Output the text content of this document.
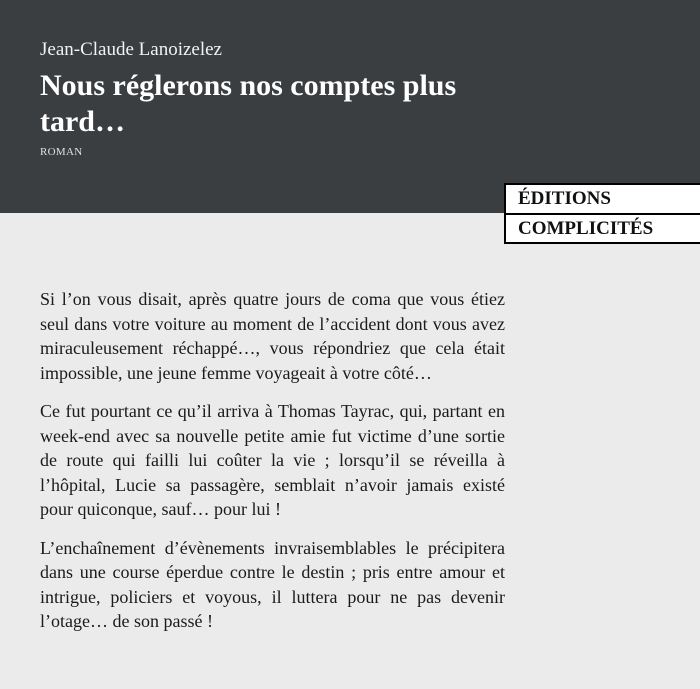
Jean-Claude Lanoizelez
Nous réglerons nos comptes plus tard…
ROMAN
ÉDITIONS
COMPLICITÉS

Si l’on vous disait, après quatre jours de coma que vous étiez seul dans votre voiture au moment de l’accident dont vous avez miraculeusement réchappé…, vous répondriez que cela était impossible, une jeune femme voyageait à votre côté…

Ce fut pourtant ce qu’il arriva à Thomas Tayrac, qui, partant en week-end avec sa nouvelle petite amie fut victime d’une sortie de route qui failli lui coûter la vie ; lorsqu’il se réveilla à l’hôpital, Lucie sa passagère, semblait n’avoir jamais existé pour quiconque, sauf… pour lui !

L’enchaînement d’évènements invraisemblables le précipitera dans une course éperdue contre le destin ; pris entre amour et intrigue, policiers et voyous, il luttera pour ne pas devenir l’otage… de son passé !
